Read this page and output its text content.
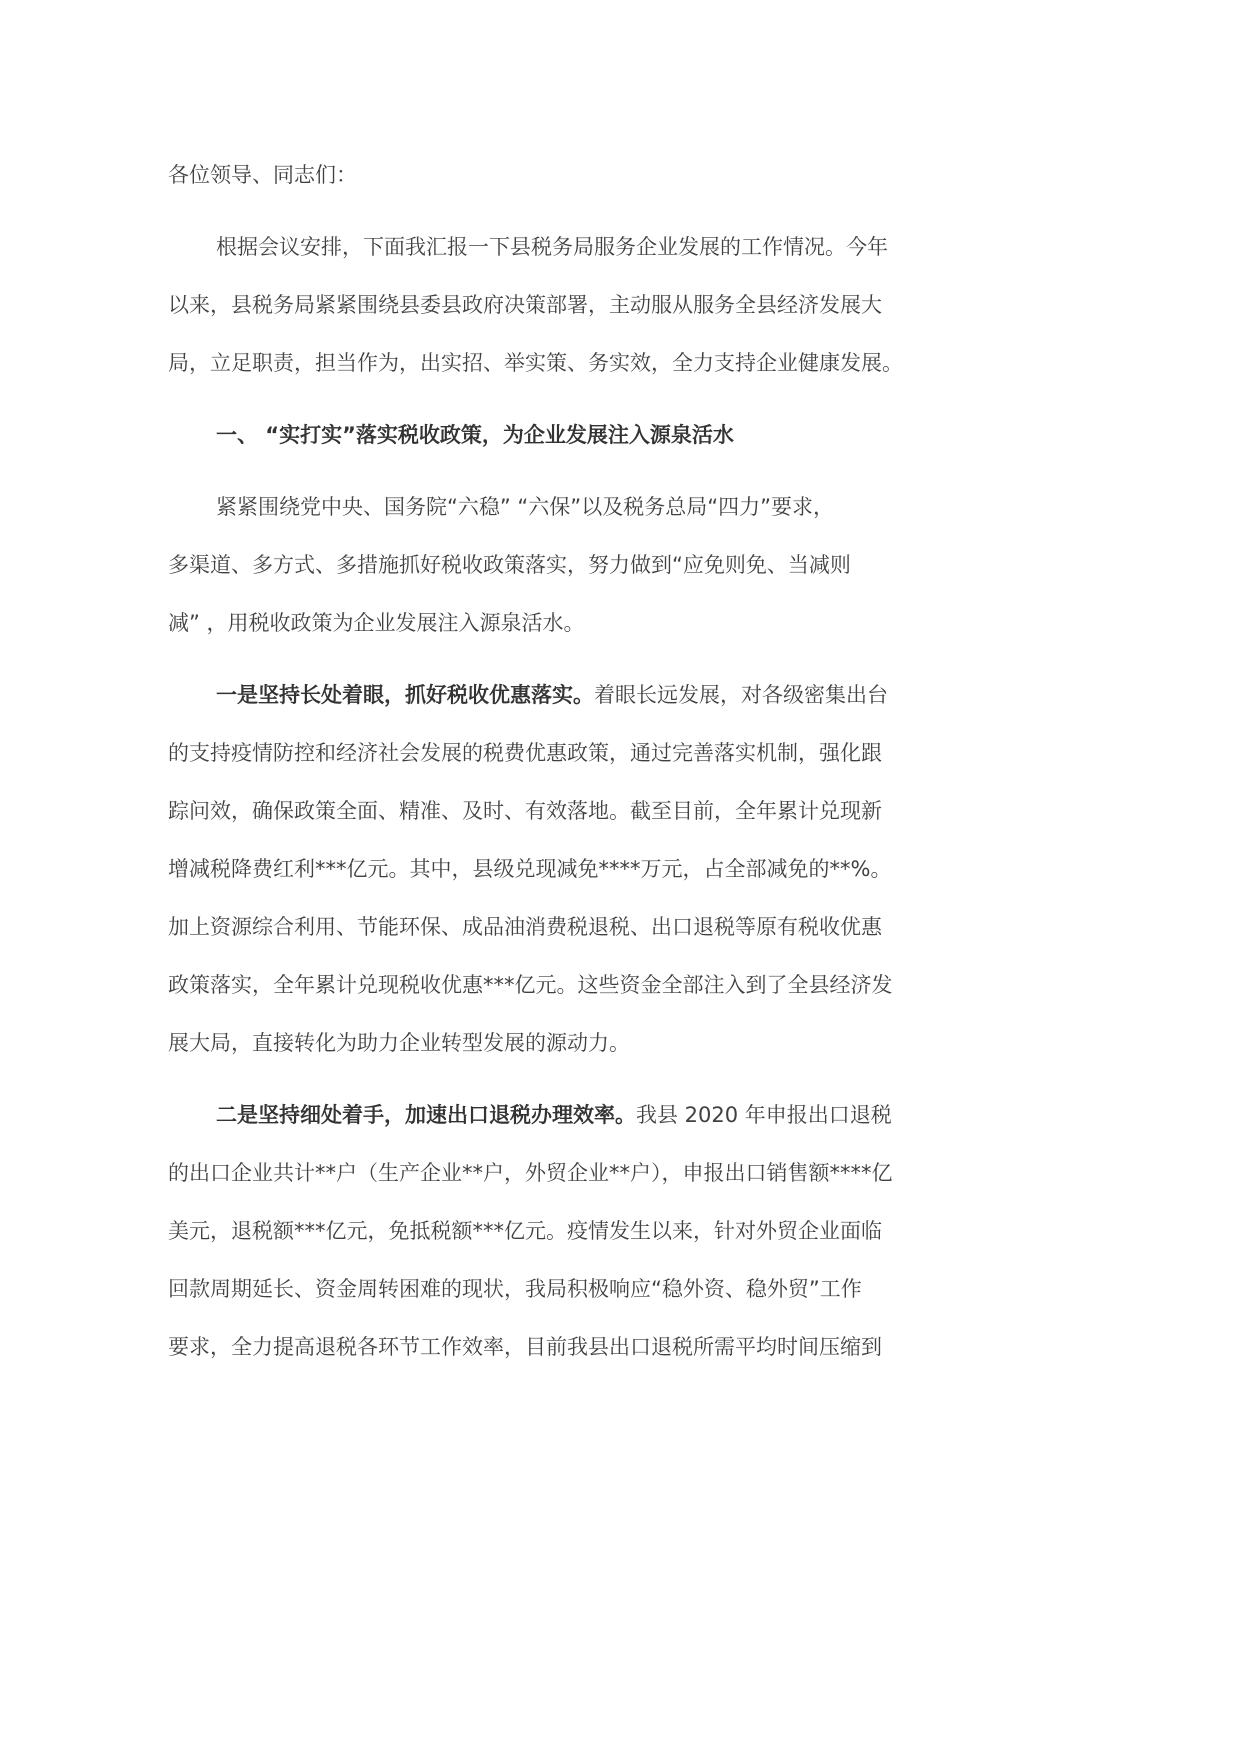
各位领导、同志们：
根据会议安排，下面我汇报一下县税务局服务企业发展的工作情况。今年
以来，县税务局紧紧围绕县委县政府决策部署，主动服从服务全县经济发展大
局，立足职责，担当作为，出实招、举实策、务实效，全力支持企业健康发展。
一、 “实打实”落实税收政策，为企业发展注入源泉活水
紧紧围绕党中央、国务院“六稳” “六保”以及税务总局“四力”要求，
多渠道、多方式、多措施抓好税收政策落实，努力做到“应免则免、当减则
减” ，用税收政策为企业发展注入源泉活水。
一是坚持长处着眼，抓好税收优惠落实。着眼长远发展，对各级密集出台
的支持疫情防控和经济社会发展的税费优惠政策，通过完善落实机制，强化跟
踪问效，确保政策全面、精准、及时、有效落地。截至目前，全年累计兑现新
增减税降费红利***亿元。其中，县级兑现减免****万元，占全部减免的**%。
加上资源综合利用、节能环保、成品油消费税退税、出口退税等原有税收优惠
政策落实，全年累计兑现税收优惠***亿元。这些资金全部注入到了全县经济发
展大局，直接转化为助力企业转型发展的源动力。
二是坚持细处着手，加速出口退税办理效率。我县 2020 年申报出口退税
的出口企业共计**户（生产企业**户，外贸企业**户），申报出口销售额****亿
美元，退税额***亿元，免抵税额***亿元。疫情发生以来，针对外贸企业面临
回款周期延长、资金周转困难的现状，我局积极响应“稳外资、稳外贸”工作
要求，全力提高退税各环节工作效率，目前我县出口退税所需平均时间压缩到
